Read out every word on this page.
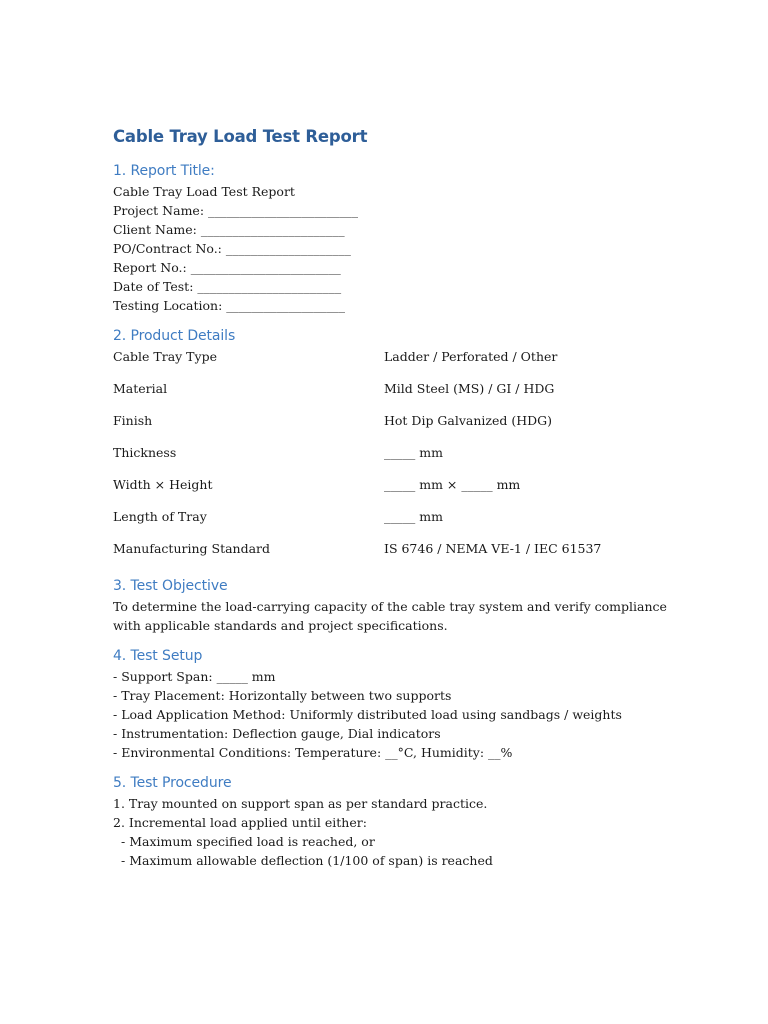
Cable Tray Load Test Report
1. Report Title:
Cable Tray Load Test Report
Project Name: ________________________
Client Name: _______________________
PO/Contract No.: ____________________
Report No.: ________________________
Date of Test: _______________________
Testing Location: ___________________
2. Product Details
Cable Tray Type	Ladder / Perforated / Other
Material	Mild Steel (MS) / GI / HDG
Finish	Hot Dip Galvanized (HDG)
Thickness	_____ mm
Width × Height	_____ mm × _____ mm
Length of Tray	_____ mm
Manufacturing Standard	IS 6746 / NEMA VE-1 / IEC 61537
3. Test Objective
To determine the load-carrying capacity of the cable tray system and verify compliance with applicable standards and project specifications.
4. Test Setup
- Support Span: _____ mm
- Tray Placement: Horizontally between two supports
- Load Application Method: Uniformly distributed load using sandbags / weights
- Instrumentation: Deflection gauge, Dial indicators
- Environmental Conditions: Temperature: __°C, Humidity: __%
5. Test Procedure
1. Tray mounted on support span as per standard practice.
2. Incremental load applied until either:
- Maximum specified load is reached, or
- Maximum allowable deflection (1/100 of span) is reached
